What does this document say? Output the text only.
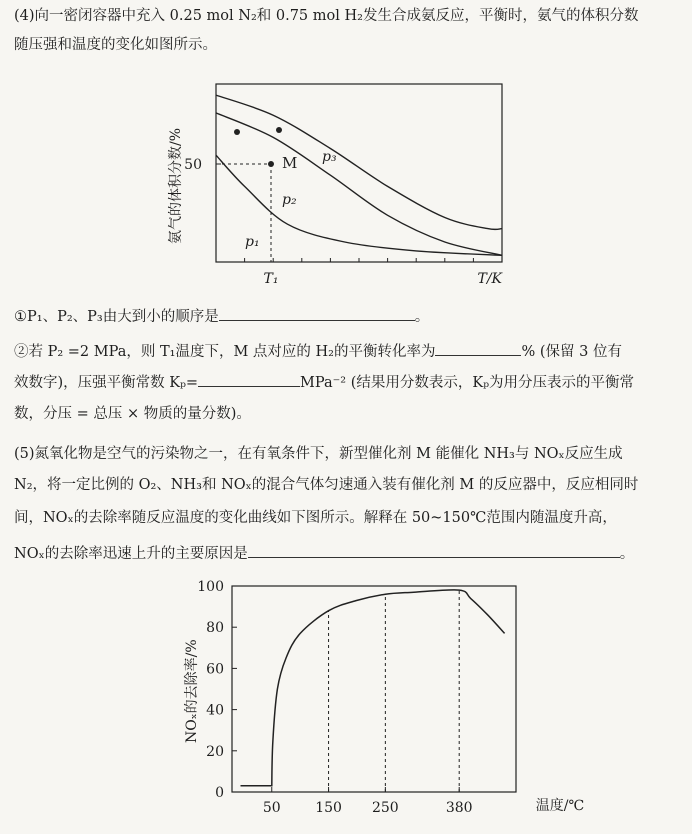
(4)向一密闭容器中充入 0.25 mol N₂和 0.75 mol H₂发生合成氨反应，平衡时，氨气的体积分数
随压强和温度的变化如图所示。
M
50
T₁	T/K
氨气的体积分数/%	p₁
p₂
p₃
①P₁、P₂、P₃由大到小的顺序是	。
②若 P₂ =2 MPa，则 T₁温度下，M 点对应的 H₂的平衡转化率为	% (保留 3 位有
效数字)，压强平衡常数 Kₚ=	MPa⁻² (结果用分数表示，Kₚ为用分压表示的平衡常
数，分压 = 总压 × 物质的量分数)。
(5)氮氧化物是空气的污染物之一，在有氧条件下，新型催化剂 M 能催化 NH₃与 NOₓ反应生成
N₂，将一定比例的 O₂、NH₃和 NOₓ的混合气体匀速通入装有催化剂 M 的反应器中，反应相同时
间，NOₓ的去除率随反应温度的变化曲线如下图所示。解释在 50~150℃范围内随温度升高，
NOₓ的去除率迅速上升的主要原因是	。
0
20
40
60
80
100
50 150 250	380	温度/℃
NOₓ的去除率/%
